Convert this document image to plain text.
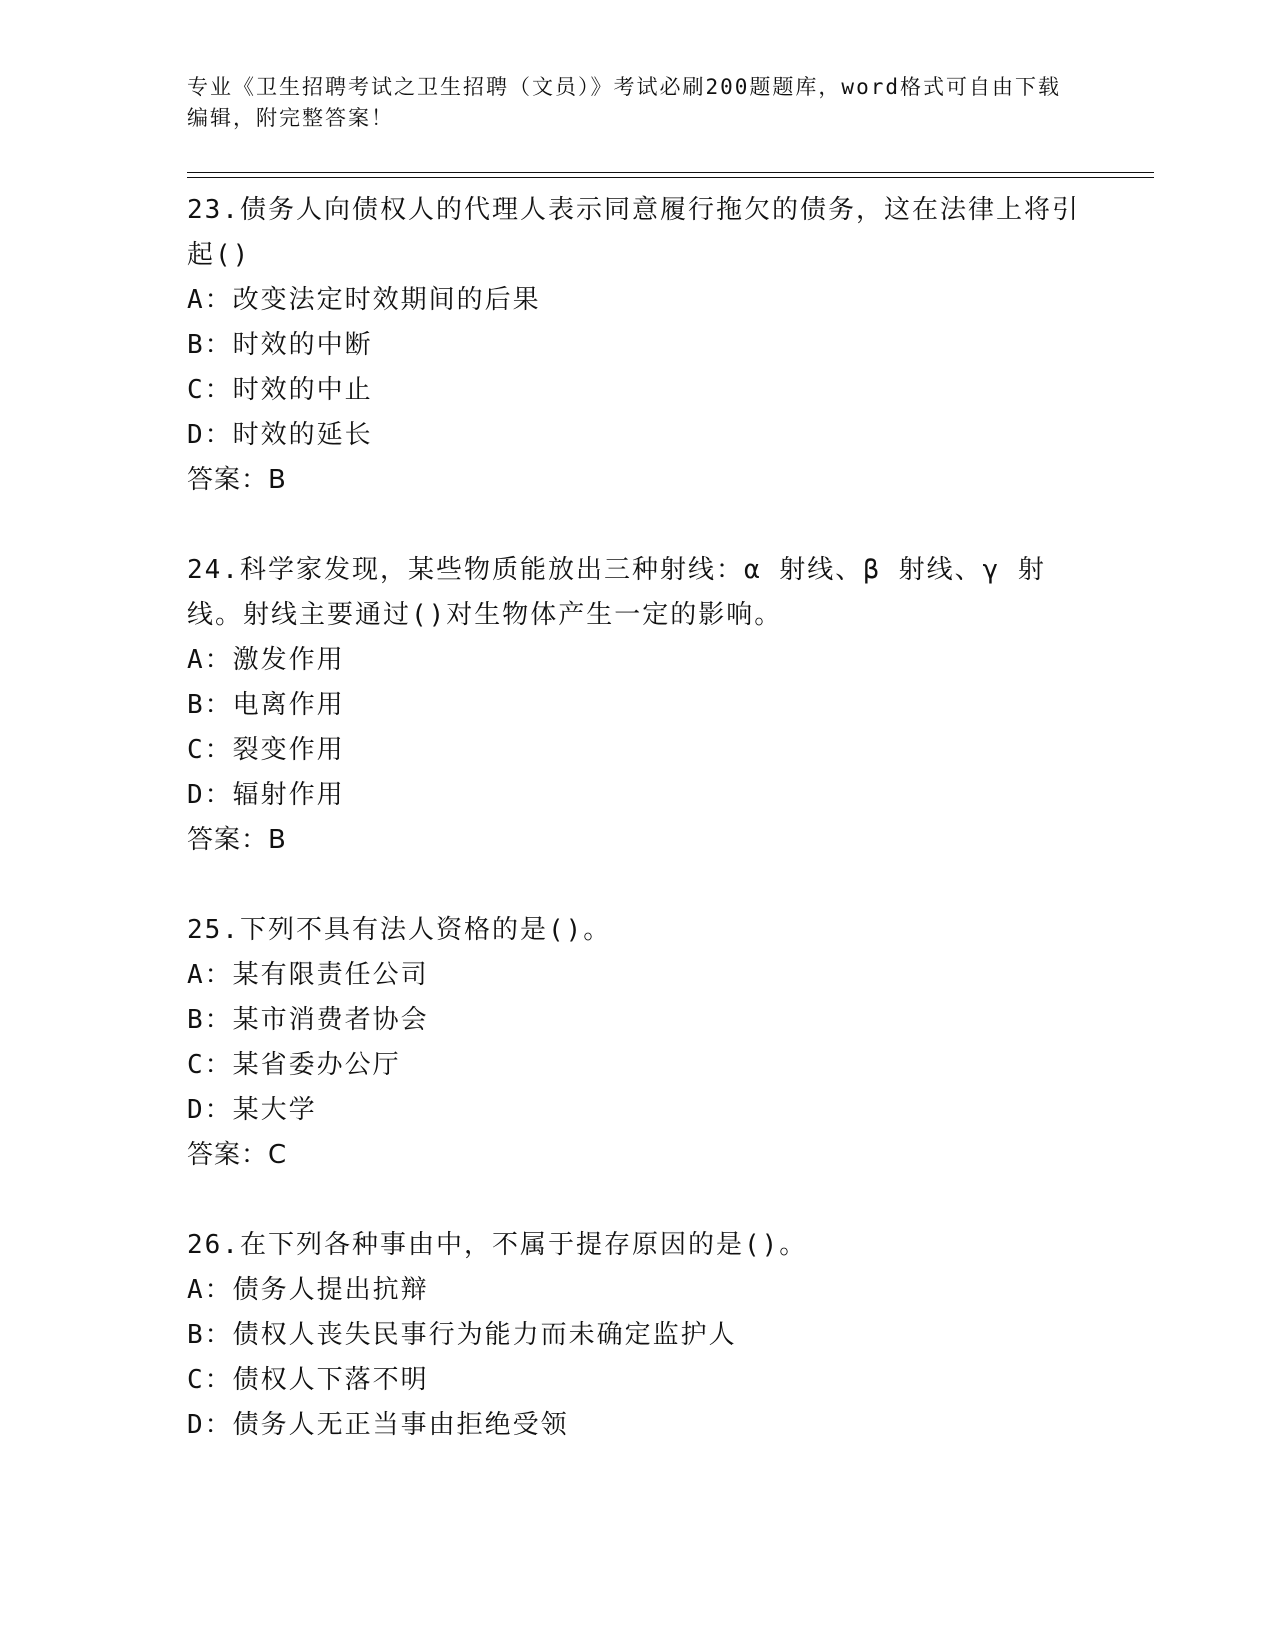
专业《卫生招聘考试之卫生招聘（文员）》考试必刷200题题库，word格式可自由下载编辑，附完整答案！
23.债务人向债权人的代理人表示同意履行拖欠的债务，这在法律上将引起()
A：改变法定时效期间的后果
B：时效的中断
C：时效的中止
D：时效的延长
答案：B
24.科学家发现，某些物质能放出三种射线：α 射线、β 射线、γ 射线。射线主要通过()对生物体产生一定的影响。
A：激发作用
B：电离作用
C：裂变作用
D：辐射作用
答案：B
25.下列不具有法人资格的是()。
A：某有限责任公司
B：某市消费者协会
C：某省委办公厅
D：某大学
答案：C
26.在下列各种事由中，不属于提存原因的是()。
A：债务人提出抗辩
B：债权人丧失民事行为能力而未确定监护人
C：债权人下落不明
D：债务人无正当事由拒绝受领
